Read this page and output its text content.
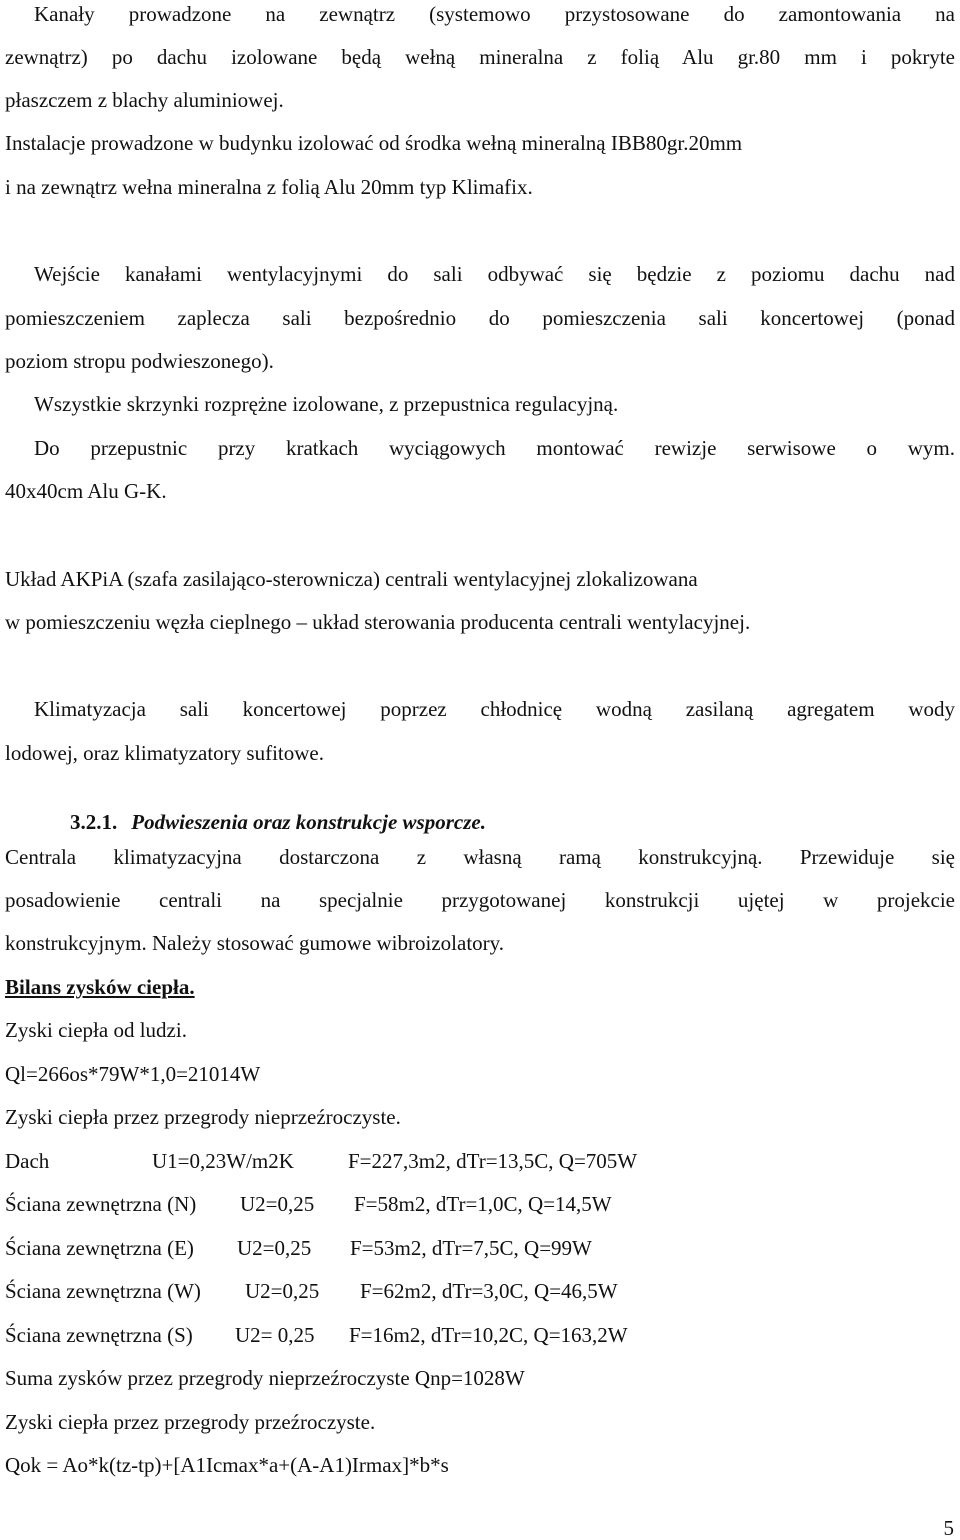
Kanały prowadzone na zewnątrz (systemowo przystosowane do zamontowania na

zewnątrz) po dachu izolowane będą wełną mineralna z folią Alu gr.80 mm i pokryte

płaszczem z blachy aluminiowej.

Instalacje prowadzone w budynku izolować od środka wełną mineralną IBB80gr.20mm

i na zewnątrz wełna mineralna z folią Alu 20mm typ Klimafix.

Wejście kanałami wentylacyjnymi do sali odbywać się będzie z poziomu dachu nad

pomieszczeniem zaplecza sali bezpośrednio do pomieszczenia sali koncertowej (ponad

poziom stropu podwieszonego).

Wszystkie skrzynki rozprężne izolowane, z przepustnica regulacyjną.

Do przepustnic przy kratkach wyciągowych montować rewizje serwisowe o wym.

40x40cm Alu G-K.

Układ AKPiA (szafa zasilająco-sterownicza) centrali wentylacyjnej zlokalizowana

w pomieszczeniu węzła cieplnego – układ sterowania producenta centrali wentylacyjnej.

Klimatyzacja sali koncertowej poprzez chłodnicę wodną zasilaną agregatem wody

lodowej, oraz klimatyzatory sufitowe.

3.2.1. Podwieszenia oraz konstrukcje wsporcze.

Centrala klimatyzacyjna dostarczona z własną ramą konstrukcyjną. Przewiduje się

posadowienie centrali na specjalnie przygotowanej konstrukcji ujętej w projekcie

konstrukcyjnym. Należy stosować gumowe wibroizolatory.

Bilans zysków ciepła.

Zyski ciepła od ludzi.

Ql=266os*79W*1,0=21014W

Zyski ciepła przez przegrody nieprzeźroczyste.

Dach	U1=0,23W/m2K	F=227,3m2, dTr=13,5C, Q=705W
Ściana zewnętrzna (N) U2=0,25 F=58m2, dTr=1,0C, Q=14,5W
Ściana zewnętrzna (E) U2=0,25 F=53m2, dTr=7,5C, Q=99W
Ściana zewnętrzna (W) U2=0,25 F=62m2, dTr=3,0C, Q=46,5W
Ściana zewnętrzna (S) U2= 0,25 F=16m2, dTr=10,2C, Q=163,2W

Suma zysków przez przegrody nieprzeźroczyste Qnp=1028W

Zyski ciepła przez przegrody przeźroczyste.

Qok = Ao*k(tz-tp)+[A1Icmax*a+(A-A1)Irmax]*b*s

5
